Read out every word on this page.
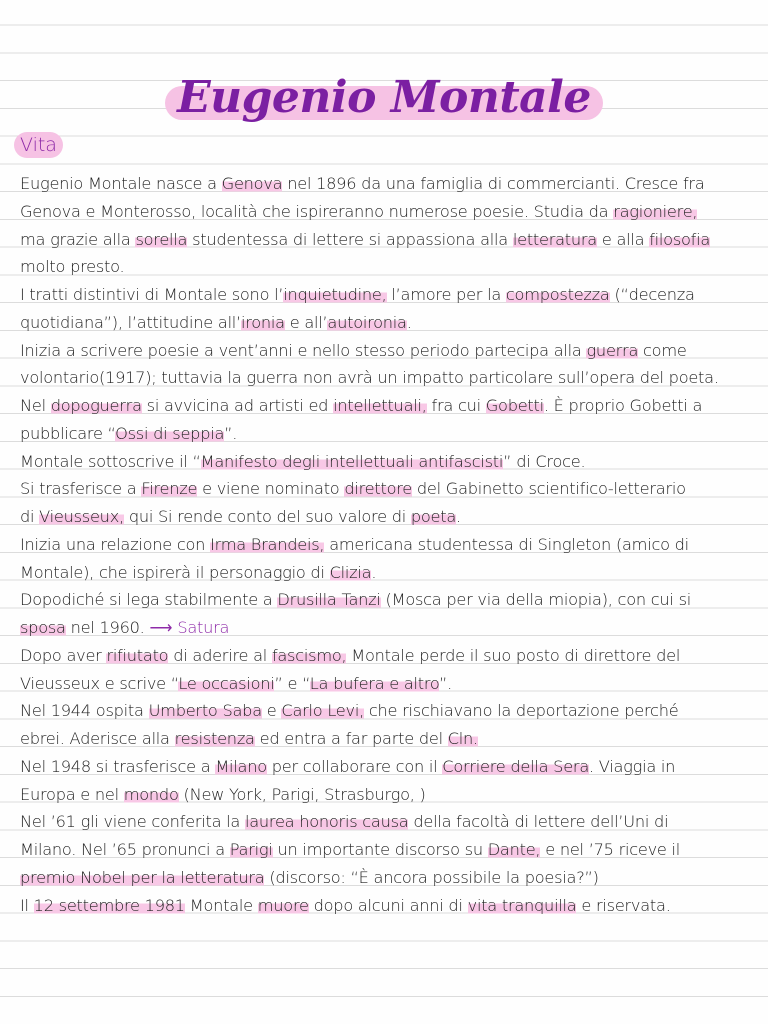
Eugenio Montale
Vita
Eugenio Montale nasce a Genova nel 1896 da una famiglia di commercianti. Cresce fra
Genova e Monterosso, località che ispireranno numerose poesie. Studia da ragioniere,
ma grazie alla sorella studentessa di lettere si appassiona alla letteratura e alla filosofia
molto presto.
I tratti distintivi di Montale sono l’inquietudine, l’amore per la compostezza (“decenza
quotidiana”), l’attitudine all’ironia e all’autoironia.
Inizia a scrivere poesie a vent’anni e nello stesso periodo partecipa alla guerra come
volontario(1917); tuttavia la guerra non avrà un impatto particolare sull’opera del poeta.
Nel dopoguerra si avvicina ad artisti ed intellettuali, fra cui Gobetti. È proprio Gobetti a
pubblicare “Ossi di seppia”.
Montale sottoscrive il “Manifesto degli intellettuali antifascisti” di Croce.
Si trasferisce a Firenze e viene nominato direttore del Gabinetto scientifico-letterario
di Vieusseux, qui Si rende conto del suo valore di poeta.
Inizia una relazione con Irma Brandeis, americana studentessa di Singleton (amico di
Montale), che ispirerà il personaggio di Clizia.
Dopodiché si lega stabilmente a Drusilla Tanzi (Mosca per via della miopia), con cui si
sposa nel 1960. ⟶ Satura
Dopo aver rifiutato di aderire al fascismo, Montale perde il suo posto di direttore del
Vieusseux e scrive “Le occasioni” e “La bufera e altro”.
Nel 1944 ospita Umberto Saba e Carlo Levi, che rischiavano la deportazione perché
ebrei. Aderisce alla resistenza ed entra a far parte del Cln.
Nel 1948 si trasferisce a Milano per collaborare con il Corriere della Sera. Viaggia in
Europa e nel mondo (New York, Parigi, Strasburgo, )
Nel ’61 gli viene conferita la laurea honoris causa della facoltà di lettere dell’Uni di
Milano. Nel ’65 pronunci a Parigi un importante discorso su Dante, e nel ’75 riceve il
premio Nobel per la letteratura (discorso: “È ancora possibile la poesia?”)
Il 12 settembre 1981 Montale muore dopo alcuni anni di vita tranquilla e riservata.
